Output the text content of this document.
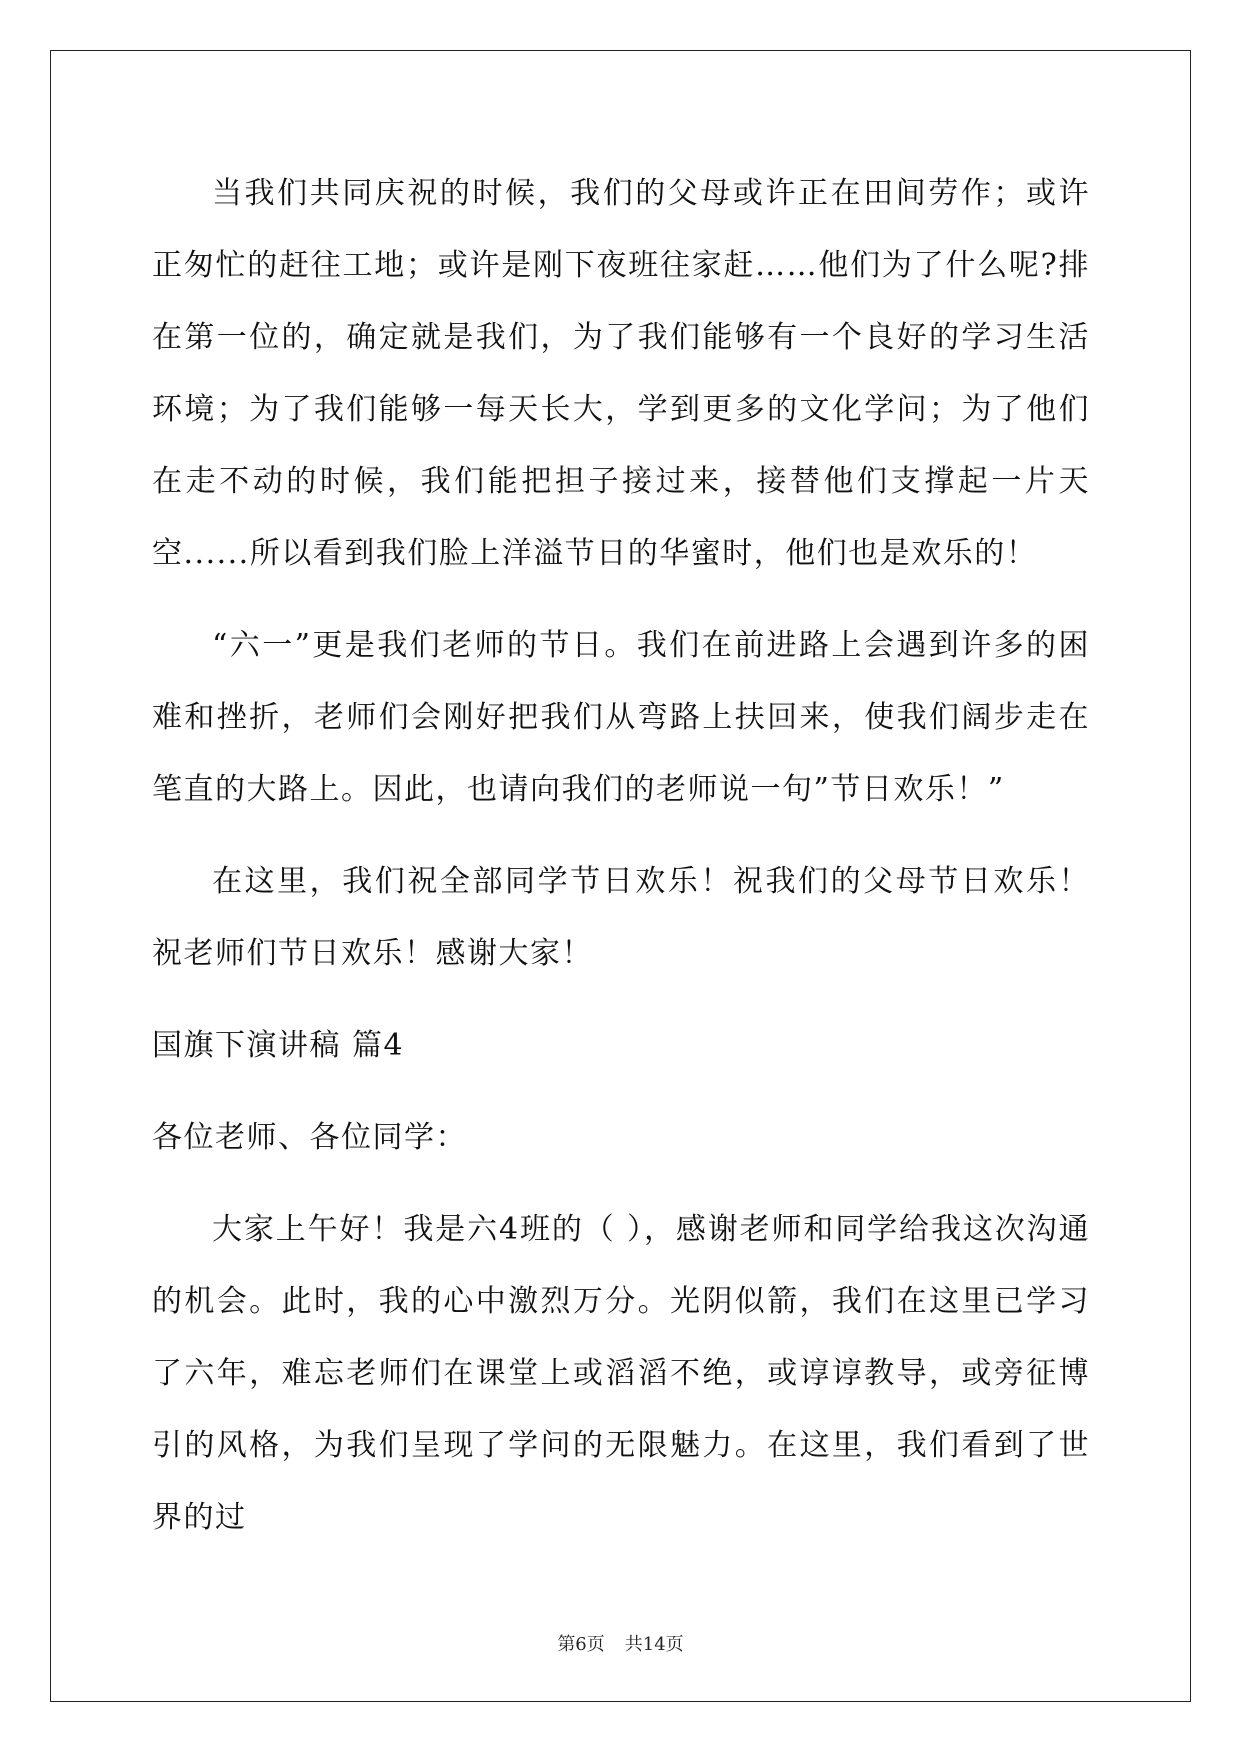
当我们共同庆祝的时候，我们的父母或许正在田间劳作；或许正匆忙的赶往工地；或许是刚下夜班往家赶……他们为了什么呢?排在第一位的，确定就是我们，为了我们能够有一个良好的学习生活环境；为了我们能够一每天长大，学到更多的文化学问；为了他们在走不动的时候，我们能把担子接过来，接替他们支撑起一片天空......所以看到我们脸上洋溢节日的华蜜时，他们也是欢乐的！

“六一”更是我们老师的节日。我们在前进路上会遇到许多的困难和挫折，老师们会刚好把我们从弯路上扶回来，使我们阔步走在笔直的大路上。因此，也请向我们的老师说一句”节日欢乐！”

在这里，我们祝全部同学节日欢乐！祝我们的父母节日欢乐！祝老师们节日欢乐！感谢大家！

国旗下演讲稿 篇4

各位老师、各位同学：

大家上午好！我是六4班的（ ），感谢老师和同学给我这次沟通的机会。此时，我的心中激烈万分。光阴似箭，我们在这里已学习了六年，难忘老师们在课堂上或滔滔不绝，或谆谆教导，或旁征博引的风格，为我们呈现了学问的无限魅力。在这里，我们看到了世界的过

第6页 共14页
